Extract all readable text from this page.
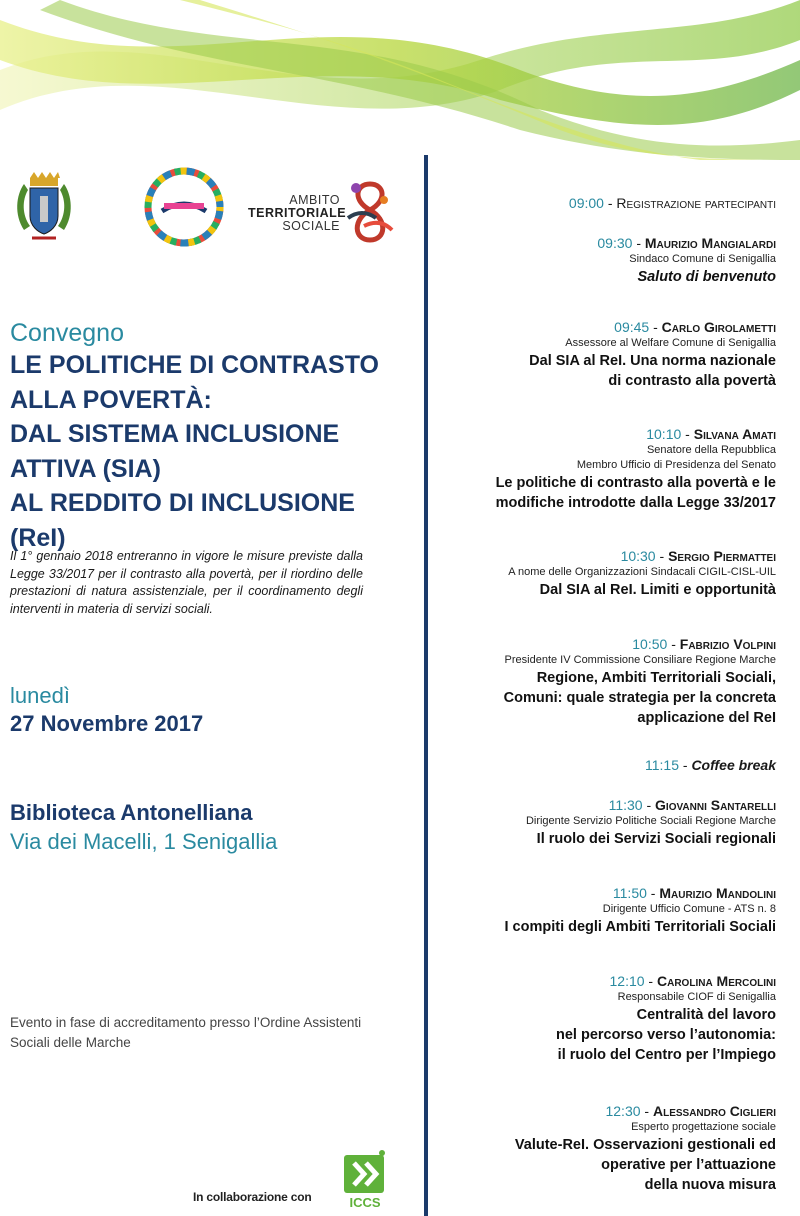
AMBITO
TERRITORIALE
SOCIALE
Convegno
LE POLITICHE DI CONTRASTO
ALLA POVERTÀ:
DAL SISTEMA INCLUSIONE
ATTIVA (SIA)
AL REDDITO DI INCLUSIONE
(ReI)

Il 1° gennaio 2018 entreranno in vigore le misure previste dalla Legge 33/2017 per il contrasto alla povertà, per il riordino delle prestazioni di natura assistenziale, per il coordinamento degli interventi in materia di servizi sociali.

lunedì
27 Novembre 2017
Biblioteca Antonelliana
Via dei Macelli, 1 Senigallia

Evento in fase di accreditamento presso l’Ordine Assistenti Sociali delle Marche

In collaborazione con	ICCS
09:00 - Registrazione partecipanti
09:30 - Maurizio Mangialardi
Sindaco Comune di Senigallia
Saluto di benvenuto
09:45 - Carlo Girolametti
Assessore al Welfare Comune di Senigallia
Dal SIA al ReI. Una norma nazionale
di contrasto alla povertà
10:10 - Silvana Amati
Senatore della Repubblica
Membro Ufficio di Presidenza del Senato
Le politiche di contrasto alla povertà e le
modifiche introdotte dalla Legge 33/2017
10:30 - Sergio Piermattei
A nome delle Organizzazioni Sindacali CIGIL-CISL-UIL
Dal SIA al ReI. Limiti e opportunità
10:50 - Fabrizio Volpini
Presidente IV Commissione Consiliare Regione Marche
Regione, Ambiti Territoriali Sociali,
Comuni: quale strategia per la concreta
applicazione del ReI
11:15 - Coffee break
11:30 - Giovanni Santarelli
Dirigente Servizio Politiche Sociali Regione Marche
Il ruolo dei Servizi Sociali regionali
11:50 - Maurizio Mandolini
Dirigente Ufficio Comune - ATS n. 8
I compiti degli Ambiti Territoriali Sociali
12:10 - Carolina Mercolini
Responsabile CIOF di Senigallia
Centralità del lavoro
nel percorso verso l’autonomia:
il ruolo del Centro per l’Impiego
12:30 - Alessandro Ciglieri
Esperto progettazione sociale
Valute-ReI. Osservazioni gestionali ed
operative per l’attuazione
della nuova misura
